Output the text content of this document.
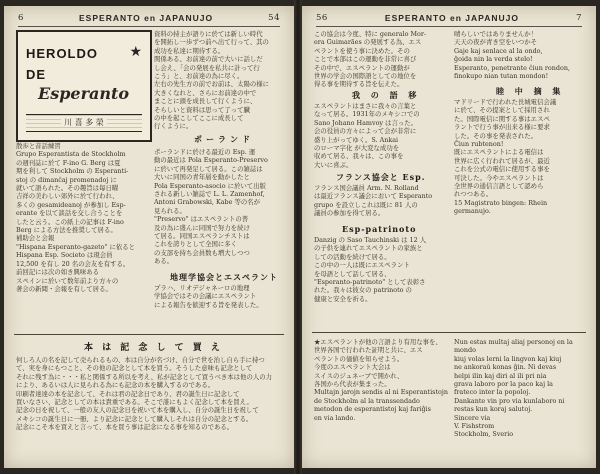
6	ESPERANTO en JAPANUJO	54
HEROLDO ★
DE
Esperanto
川 喜 多 榮
散歩と音話練習
Grupo Esperantista de Stockholm
の週刊誌に於て F-ino G. Berg は夏
期を利して Stockholm の Esperanti-
stoj の dimanĉaj promenadoj に
就いて語られた。その趣旨は毎日曜
吉祥の美わしい郊外に於て行われ、
多くの gesamideanoj が参加し Esp-
erante を以て談話を交し合うことを
したと云う。この紙上の記事は F-ino
Berg による方法を推奨して居る。
補助会と会報
"Hispana Esperanto-gazeto" に依ると
Hispana Esp. Societo は現会員
12,500 を有し 20 名の会友を有する。
前回記には次の如き興味ある
スペインに於いて数年前より方々の
著会の新聞・会報を有して居る。
資料の持主が語りに於ては新しい時代
を開拓し一歩ずつ前へ出て行って、其の
成功を私達に期待する。
関係ある、お前達の前で大いに話しだ
し会え、「会の発展を私共に計って行
こう」と、お前達の為に尽く。
左右の先生方の前でお前は、太陽の様に
大きくなれと、さらにお前達の中で
まことに頭を成長して行くように、
そらしいと資料は思って了って臓
の中を起こしてここに成長して
行くように。
ポーランド
ポーランドに於ける最近の Esp. 運
動の最近は Pola Esperanto-Preservo
に於いて再発足して居る。この雑誌は
大いに同国の青年層を動かしたと
Pola Esperanto-asocio に於いて出版
される新しい雑誌で L. L. Zamenhof,
Antoni Grabowski, Kabe 等の名が
見られる。
"Preservo" はエスペラントの普
及の為に盛んに同国で努力を続け
て居る。同国エスペランチストは
これを誇りとして全国に多く
の支部を持ち会員数も増大しつつ
ある。
地理学協会とエスペラント
プラハ、リオデジャネーロの地理
学協会ではその会議にエスペラント
による報告を歓迎する旨を発表した。
本 は 記 念 し て 買 え
何しろ人の名を記して売られるもの、本は自分が名づけ、自分で世を治し自ら手に持つ
て、実を身にもつこと、その他の記念として本を買う。そうした意味も記念として
それに残す為に・・・私と関係する所以を考え、私が記念として買うべき本は他の人の力
により、あるいは人に見られる為にも記念の本を購入するのである。
印刷者達達の本を記念して、それは君の記念日であり、君の誕生日に記念して
買いなさい、記念としての本は貴重である。そこで誰にもよく記念して本を買え。
記念の日を祝して、一般の友人の記念日を祝いて本を購入し、自分の誕生日を祝して
メキシコの誕生日に一冊、より記念に記念として購入しそれは自分の記念とする。
記念にこそ本を買えと言って、本を買う事は記念になる事を知るのである。
56	ESPERANTO en JAPANUJO	7
この協会は今度、特に generalo Mor-
era Guimarães の発展する為、エス
ペラントを使う事に決めた。その
ことで本部はこの運動を非常に喜び
その中で、エスペラントの運動が
世界の学会の国際語としての地位を
得る事を期待する旨を伝えた。
我 の 語 移
エスペラントはまさに我々の言葉と
なって居る。1931年のメキシコでの
Sano Johano Hamvoy は言った。
会の役員の方々によって会が非常に
盛り上がってゆく。S. Ankai
のローマ字化 が大変な成功を
収めて居る、我々は、この事を
大いに喜ぶ。
フランス協会と Esp.
フランス国会議員 Arm. N. Rolland
は最近フランス議会において Esperanto
grupo を設立しこれは既に 81 人の
議員の参加を得て居る。
Esp-patrinoto
Danzig の Saso Tauchinski は 12 人
の子供を連れてエスペラントの家族と
しての活動を続けて居る。
この中の一人は既にエスペラント
を母語として話して居る、
"Esperanto-patrinoto" として表彰さ
れた。我々は彼女の patrinoto の
健康と安全を祈る。
晴らしいではありませんか！
天天の夜が青き空をいつかそ
Gaje kaj senlace al la ondo,
ĝoida nin la verda stelo!
Esperanto, penetrante ĉiun rondon,
finokupo nian tutan mondon!
睦 中 摘 集
マドリードで行われた長城電信会議
に於て、その提案として採用され
た。国際電信に関する事はエスペ
ラントで行う事が出来る様に要求
した。その事を発表された。
Ĉiun rubtenon!
既にエスペラントによる電信は
世界に広く行われて居るが、最近
これを公式の電信に使用する事を
可決した。今やエスペラントは
全世界の通信言語として認めら
れつつある。
15 Magistrato bingen: Rhein
germanujo.
★エスペラントが他の言語より有用な事を、
世界各国で行われた証明と共に、エス
ペラントの価値を知らせよう。
今度のエスペラント大会は
スイスのジュネーブで開かれ、
各国から代表が集まった。
Multajn jarojn sendis al ni Esperantistojn
de Stockholm al la transsendado
metodon de esperantistoj kaj fariĝis
en via lando.
Nun estas multaj aliaj personoj en la mondo
kiuj volas lerni la lingvon kaj kiuj
ne ankoraŭ konas ĝin. Ni devas
helpi ilin kaj diri al ili pri nia
grava laboro por la paco kaj la
frateco inter la popoloj.
Dankante vin pro via kunlaboro ni
restas kun koraj salutoj.
Sincere via
V. Fishstrom
Stockholm, Sverio
